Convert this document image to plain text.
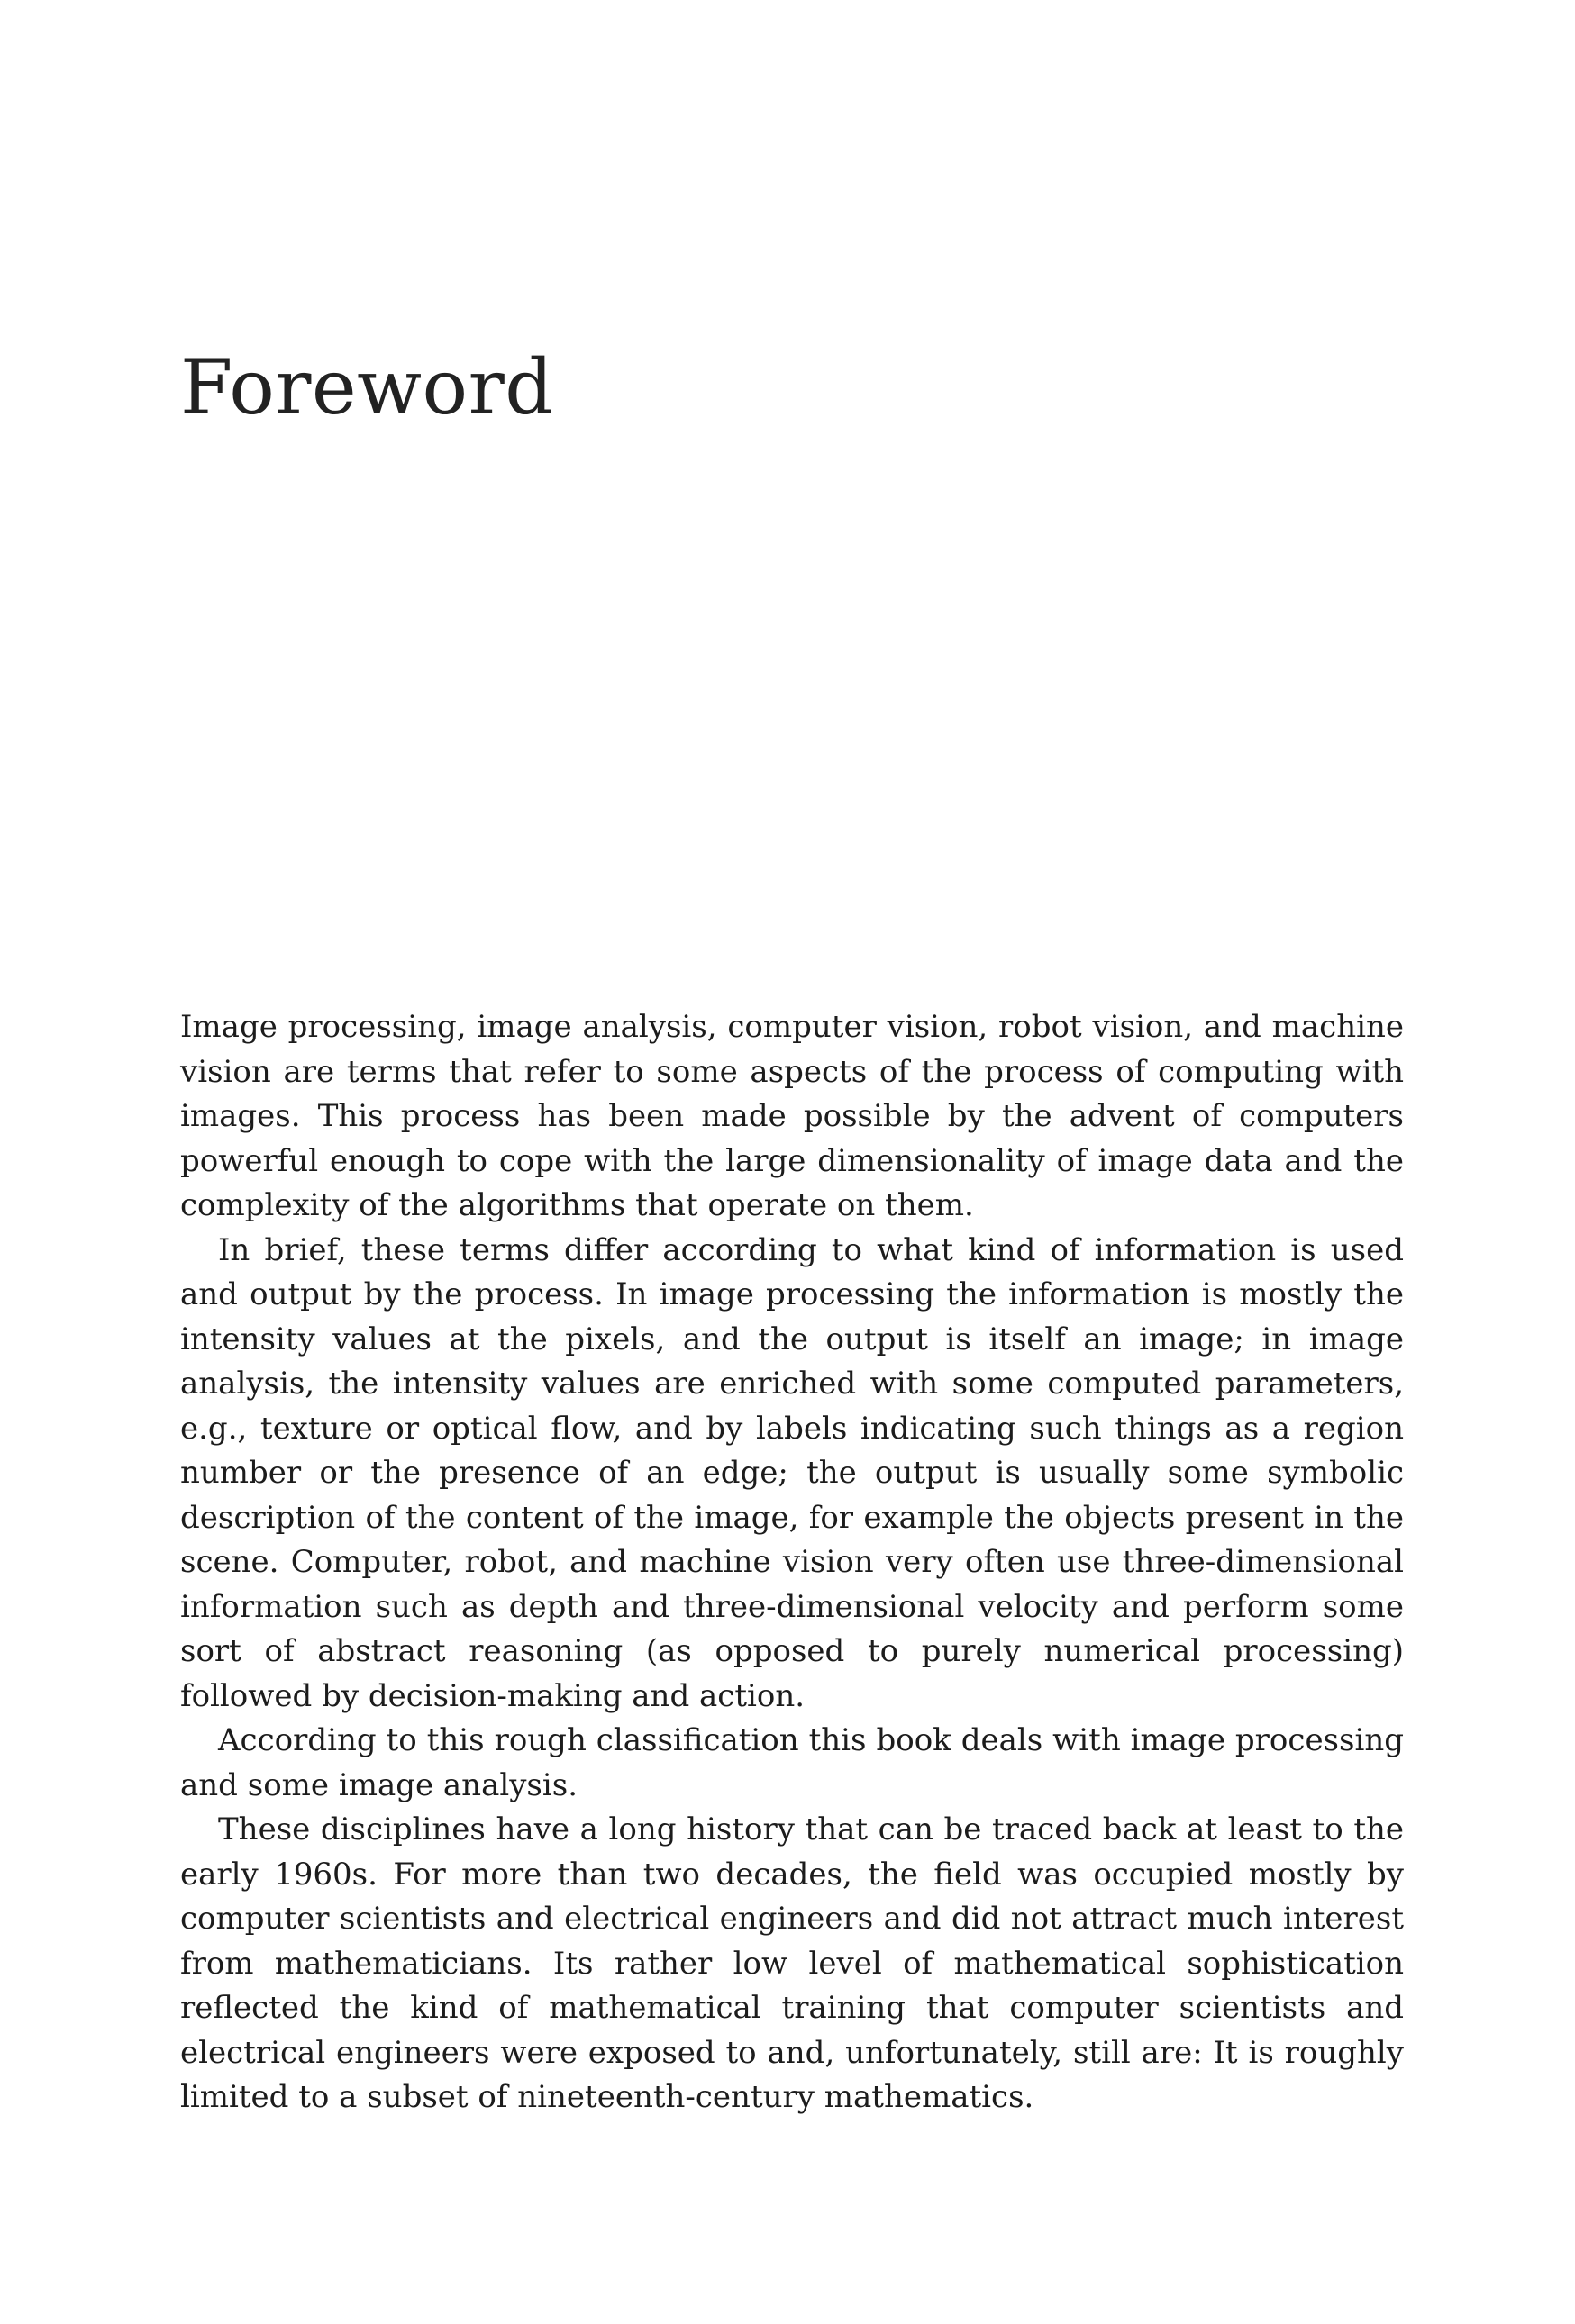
Foreword

Image processing, image analysis, computer vision, robot vision, and machine vision are terms that refer to some aspects of the process of computing with images. This process has been made possible by the advent of computers powerful enough to cope with the large dimensionality of image data and the complexity of the algorithms that operate on them.

In brief, these terms differ according to what kind of information is used and output by the process. In image processing the information is mostly the intensity values at the pixels, and the output is itself an image; in image analysis, the intensity values are enriched with some computed parameters, e.g., texture or optical flow, and by labels indicating such things as a region number or the presence of an edge; the output is usually some symbolic description of the content of the image, for example the objects present in the scene. Computer, robot, and machine vision very often use three-dimensional information such as depth and three-dimensional velocity and perform some sort of abstract reasoning (as opposed to purely numerical processing) followed by decision-making and action.

According to this rough classification this book deals with image processing and some image analysis.

These disciplines have a long history that can be traced back at least to the early 1960s. For more than two decades, the field was occupied mostly by computer scientists and electrical engineers and did not attract much interest from mathematicians. Its rather low level of mathematical sophistication reflected the kind of mathematical training that computer scientists and electrical engineers were exposed to and, unfortunately, still are: It is roughly limited to a subset of nineteenth-century mathematics.
